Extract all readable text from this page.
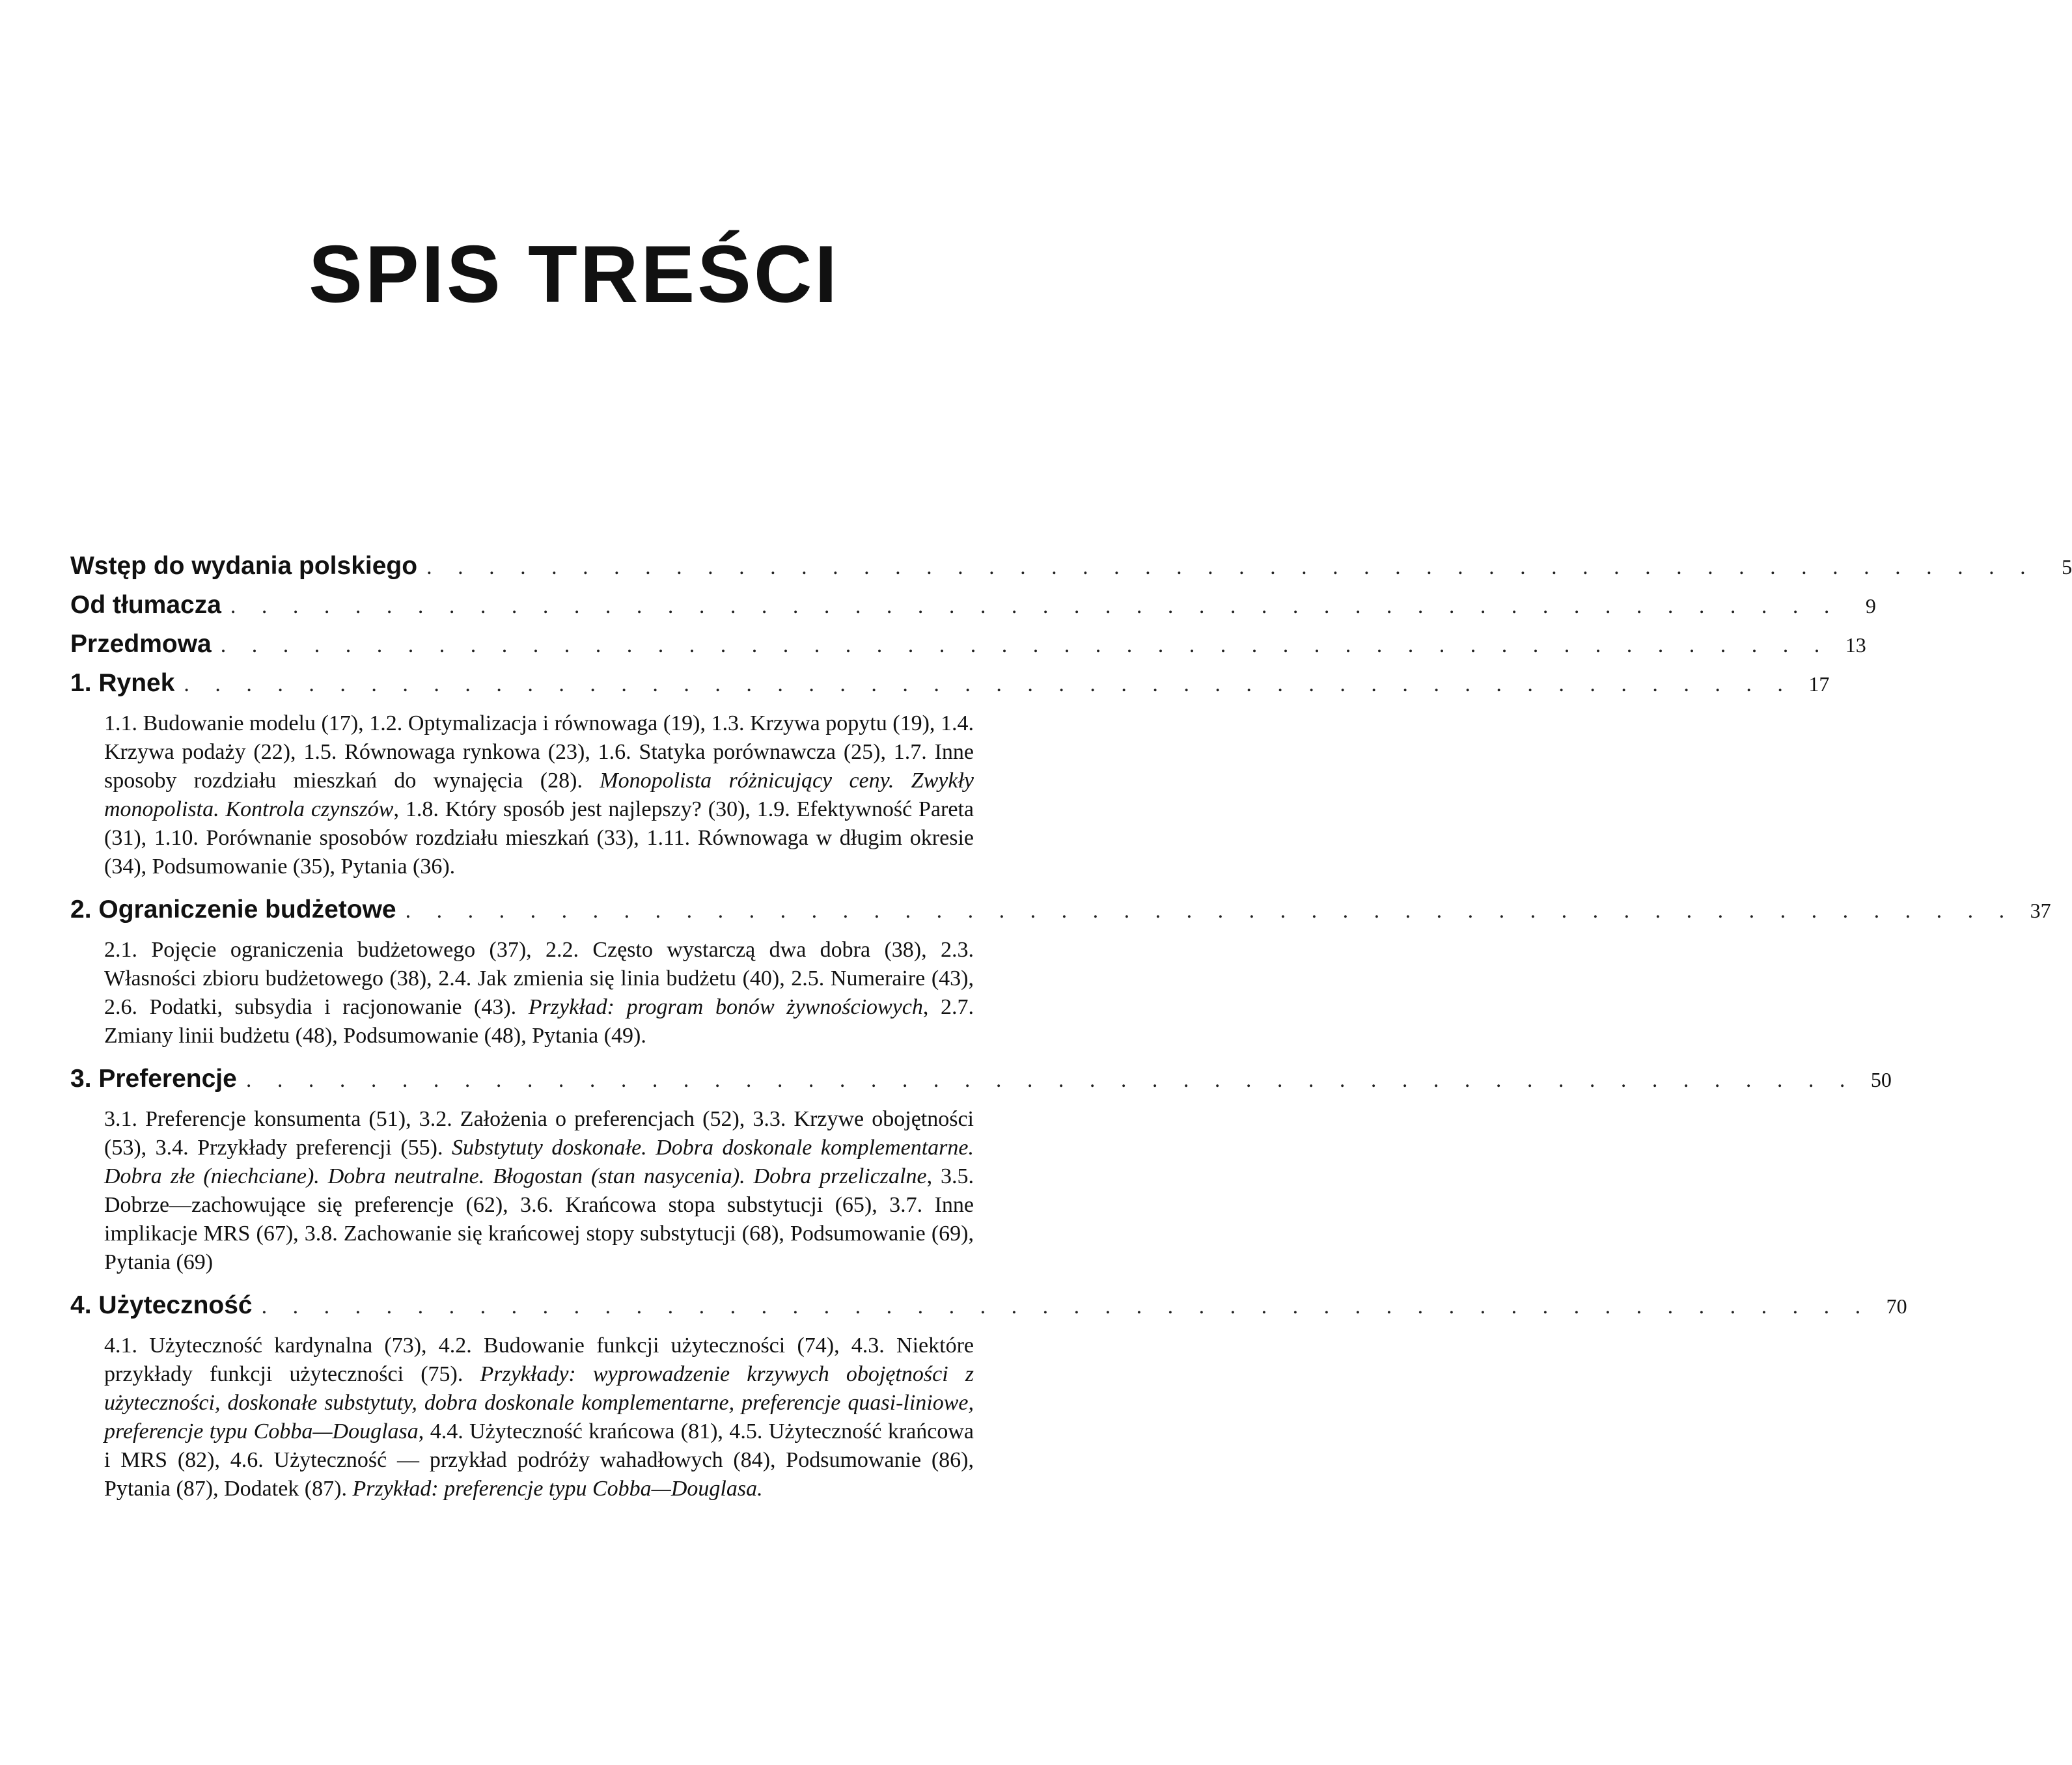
SPIS TREŚCI
Wstęp do wydania polskiego . . . . . . . . . . . . . . . . . . . . . . . . . . . . . . . . . . . . . . . . . . . . . . . . . . . .	5
Od tłumacza . . . . . . . . . . . . . . . . . . . . . . . . . . . . . . . . . . . . . . . . . . . . . . . . . . . .	9
Przedmowa . . . . . . . . . . . . . . . . . . . . . . . . . . . . . . . . . . . . . . . . . . . . . . . . . . . . 13
1. Rynek . . . . . . . . . . . . . . . . . . . . . . . . . . . . . . . . . . . . . . . . . . . . . . . . . . . . 17

1.1. Budowanie modelu (17), 1.2. Optymalizacja i równowaga (19), 1.3. Krzywa popytu (19), 1.4. Krzywa podaży (22), 1.5. Równowaga rynkowa (23), 1.6. Statyka porównawcza (25), 1.7. Inne sposoby rozdziału mieszkań do wynajęcia (28). Monopolista różnicujący ceny. Zwykły monopolista. Kontrola czynszów, 1.8. Który sposób jest najlepszy? (30), 1.9. Efektywność Pareta (31), 1.10. Porównanie sposobów rozdziału mieszkań (33), 1.11. Równowaga w długim okresie (34), Podsumowanie (35), Pytania (36).

2. Ograniczenie budżetowe . . . . . . . . . . . . . . . . . . . . . . . . . . . . . . . . . . . . . . . . . . . . . . . . . . . . 37

2.1. Pojęcie ograniczenia budżetowego (37), 2.2. Często wystarczą dwa dobra (38), 2.3. Własności zbioru budżetowego (38), 2.4. Jak zmienia się linia budżetu (40), 2.5. Numeraire (43), 2.6. Podatki, subsydia i racjonowanie (43). Przykład: program bonów żywnościowych, 2.7. Zmiany linii budżetu (48), Podsumowanie (48), Pytania (49).

3. Preferencje . . . . . . . . . . . . . . . . . . . . . . . . . . . . . . . . . . . . . . . . . . . . . . . . . . . . 50

3.1. Preferencje konsumenta (51), 3.2. Założenia o preferencjach (52), 3.3. Krzywe obojętności (53), 3.4. Przykłady preferencji (55). Substytuty doskonałe. Dobra doskonale komplementarne. Dobra złe (niechciane). Dobra neutralne. Błogostan (stan nasycenia). Dobra przeliczalne, 3.5. Dobrze—zachowujące się preferencje (62), 3.6. Krańcowa stopa substytucji (65), 3.7. Inne implikacje MRS (67), 3.8. Zachowanie się krańcowej stopy substytucji (68), Podsumowanie (69), Pytania (69)

4. Użyteczność . . . . . . . . . . . . . . . . . . . . . . . . . . . . . . . . . . . . . . . . . . . . . . . . . . . . 70

4.1. Użyteczność kardynalna (73), 4.2. Budowanie funkcji użyteczności (74), 4.3. Niektóre przykłady funkcji użyteczności (75). Przykłady: wyprowadzenie krzywych obojętności z użyteczności, doskonałe substytuty, dobra doskonale komplementarne, preferencje quasi-liniowe, preferencje typu Cobba—Douglasa, 4.4. Użyteczność krańcowa (81), 4.5. Użyteczność krańcowa i MRS (82), 4.6. Użyteczność — przykład podróży wahadłowych (84), Podsumowanie (86), Pytania (87), Dodatek (87). Przykład: preferencje typu Cobba—Douglasa.
